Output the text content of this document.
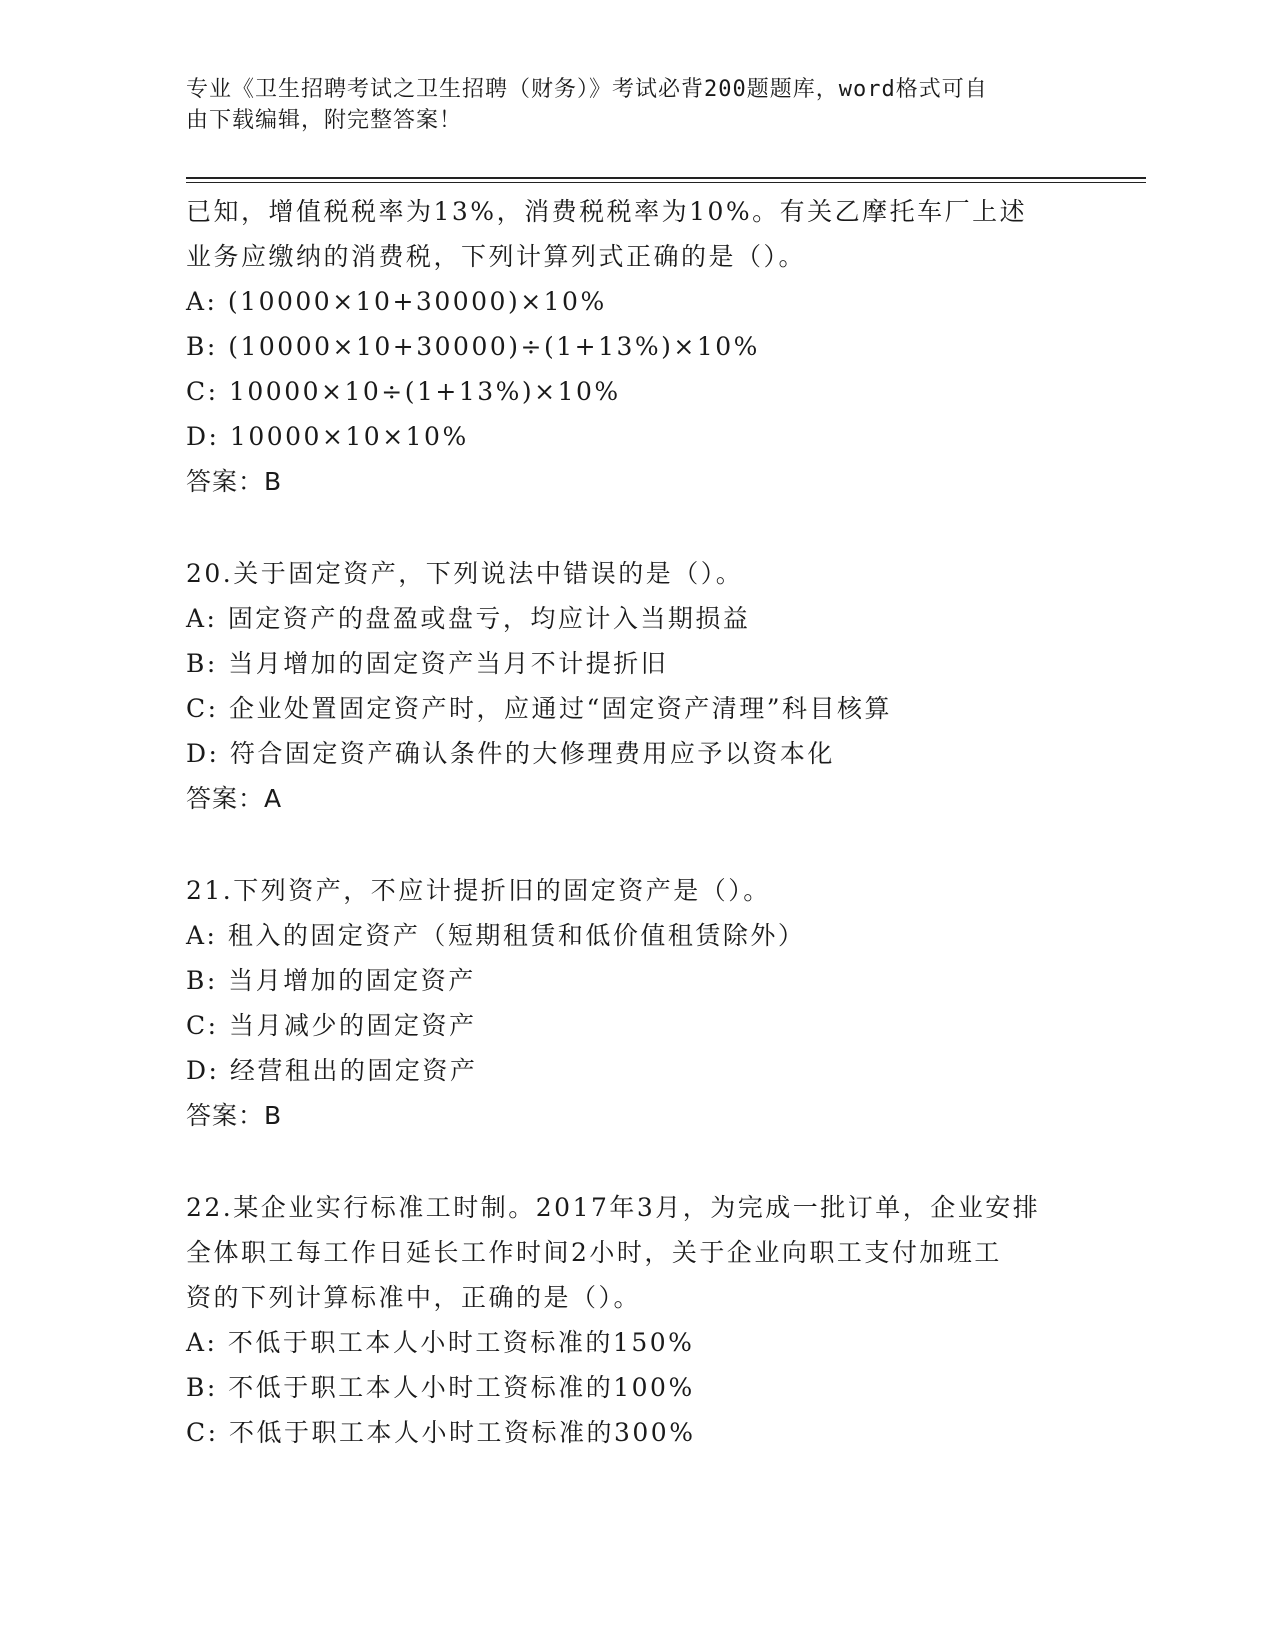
专业《卫生招聘考试之卫生招聘（财务）》考试必背200题题库，word格式可自
由下载编辑，附完整答案！
已知，增值税税率为13%，消费税税率为10%。有关乙摩托车厂上述
业务应缴纳的消费税，下列计算列式正确的是（）。
A: (10000×10+30000)×10%
B: (10000×10+30000)÷(1+13%)×10%
C: 10000×10÷(1+13%)×10%
D: 10000×10×10%
答案：B
20.关于固定资产，下列说法中错误的是（）。
A: 固定资产的盘盈或盘亏，均应计入当期损益
B: 当月增加的固定资产当月不计提折旧
C: 企业处置固定资产时，应通过“固定资产清理”科目核算
D: 符合固定资产确认条件的大修理费用应予以资本化
答案：A
21.下列资产，不应计提折旧的固定资产是（）。
A: 租入的固定资产（短期租赁和低价值租赁除外）
B: 当月增加的固定资产
C: 当月减少的固定资产
D: 经营租出的固定资产
答案：B
22.某企业实行标准工时制。2017年3月，为完成一批订单，企业安排
全体职工每工作日延长工作时间2小时，关于企业向职工支付加班工
资的下列计算标准中，正确的是（）。
A: 不低于职工本人小时工资标准的150%
B: 不低于职工本人小时工资标准的100%
C: 不低于职工本人小时工资标准的300%
